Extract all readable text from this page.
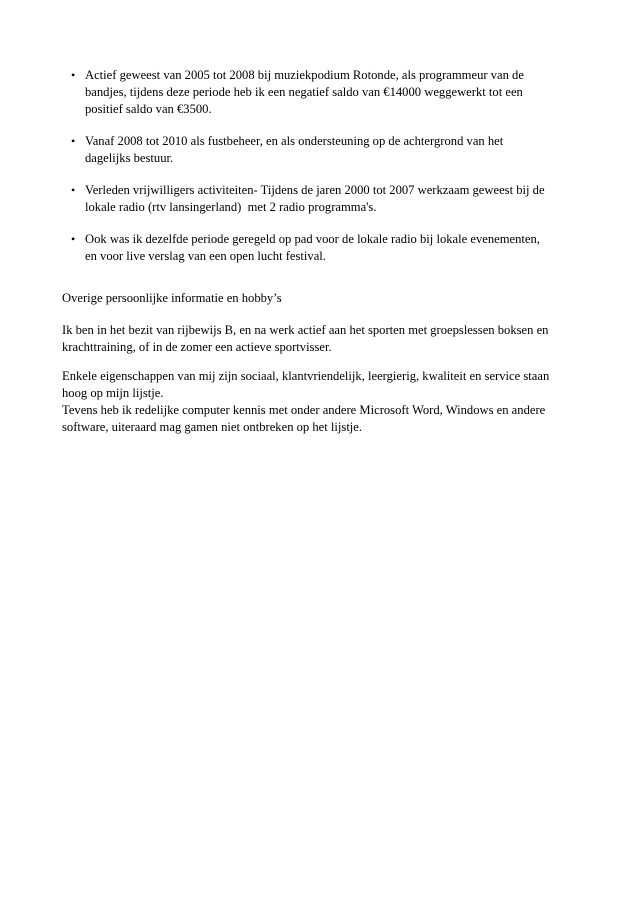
• Actief geweest van 2005 tot 2008 bij muziekpodium Rotonde, als programmeur van de
bandjes, tijdens deze periode heb ik een negatief saldo van €14000 weggewerkt tot een
positief saldo van €3500.
• Vanaf 2008 tot 2010 als fustbeheer, en als ondersteuning op de achtergrond van het
dagelijks bestuur.
• Verleden vrijwilligers activiteiten- Tijdens de jaren 2000 tot 2007 werkzaam geweest bij de
lokale radio (rtv lansingerland)  met 2 radio programma's.
• Ook was ik dezelfde periode geregeld op pad voor de lokale radio bij lokale evenementen,
en voor live verslag van een open lucht festival.

Overige persoonlijke informatie en hobby’s

Ik ben in het bezit van rijbewijs B, en na werk actief aan het sporten met groepslessen boksen en

krachttraining, of in de zomer een actieve sportvisser.

Enkele eigenschappen van mij zijn sociaal, klantvriendelijk, leergierig, kwaliteit en service staan

hoog op mijn lijstje.

Tevens heb ik redelijke computer kennis met onder andere Microsoft Word, Windows en andere

software, uiteraard mag gamen niet ontbreken op het lijstje.
